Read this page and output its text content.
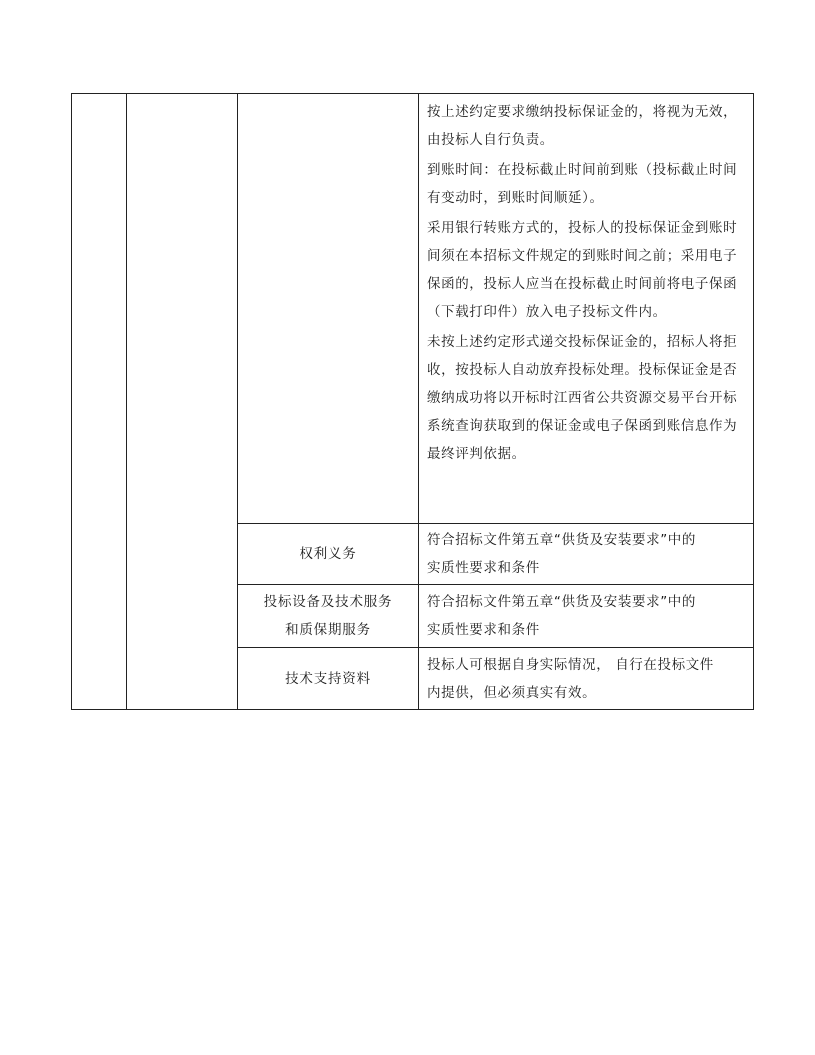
按上述约定要求缴纳投标保证金的，将视为无效，由投标人自行负责。

到账时间：在投标截止时间前到账（投标截止时间有变动时，到账时间顺延）。

采用银行转账方式的，投标人的投标保证金到账时间须在本招标文件规定的到账时间之前；采用电子保函的，投标人应当在投标截止时间前将电子保函（下载打印件）放入电子投标文件内。

未按上述约定形式递交投标保证金的，招标人将拒收，按投标人自动放弃投标处理。投标保证金是否缴纳成功将以开标时江西省公共资源交易平台开标系统查询获取到的保证金或电子保函到账信息作为最终评判依据。

权利义务
符合招标文件第五章“供货及安装要求”中的
实质性要求和条件
投标设备及技术服务
和质保期服务
符合招标文件第五章“供货及安装要求”中的
实质性要求和条件
技术支持资料
投标人可根据自身实际情况， 自行在投标文件
内提供，但必须真实有效。
